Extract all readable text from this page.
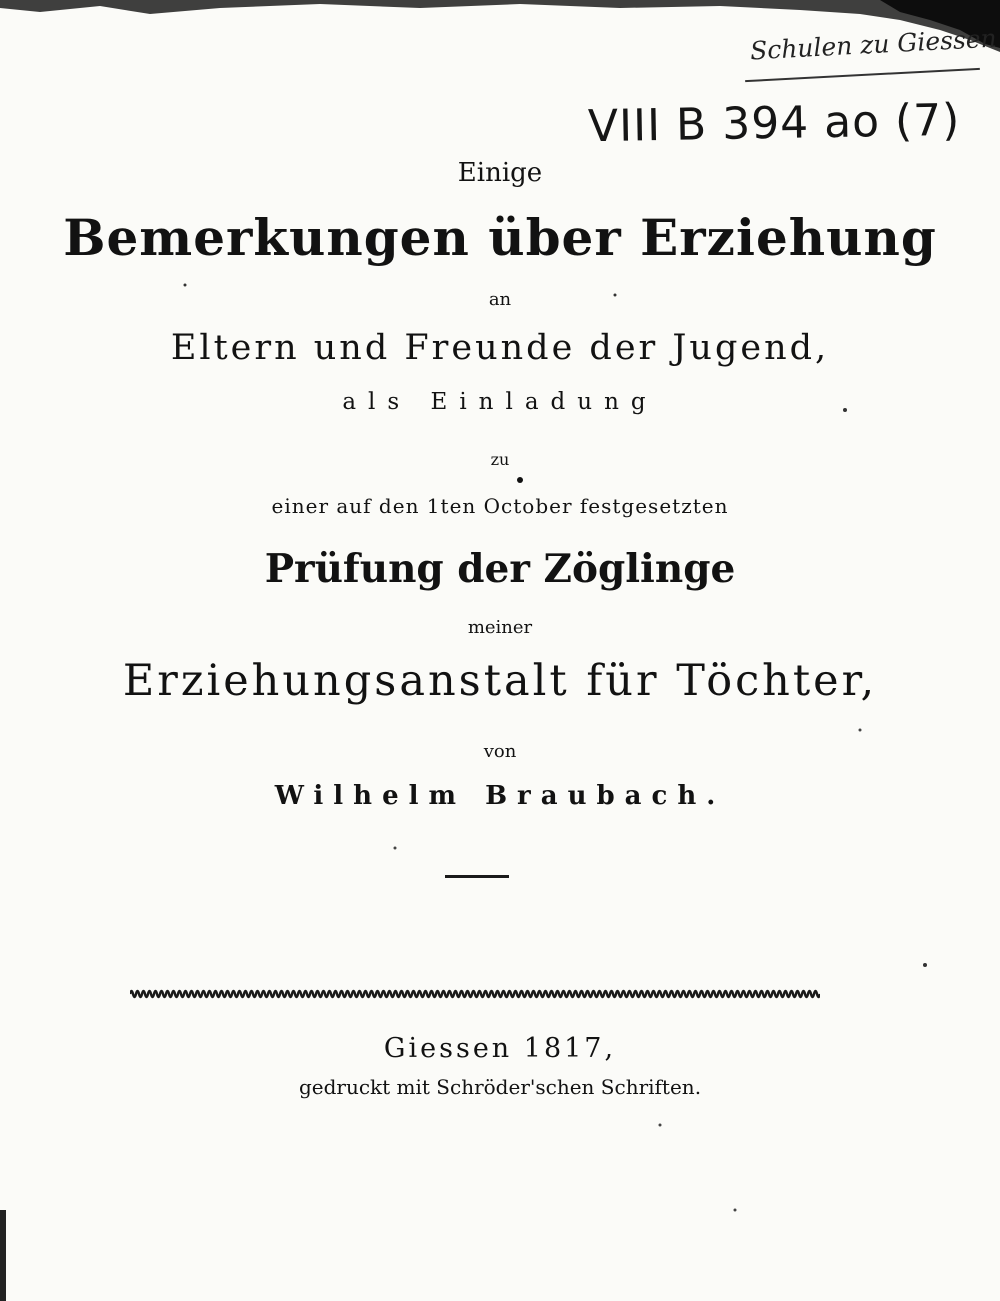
Schulen zu Giessen
VIII B 394 ao (7)
Einige
Bemerkungen über Erziehung
an
Eltern und Freunde der Jugend,
als Einladung
zu
einer auf den 1ten October festgesetzten
Prüfung der Zöglinge
meiner
Erziehungsanstalt für Töchter,
von
Wilhelm Braubach.
Giessen 1817,
gedruckt mit Schröder'schen Schriften.
